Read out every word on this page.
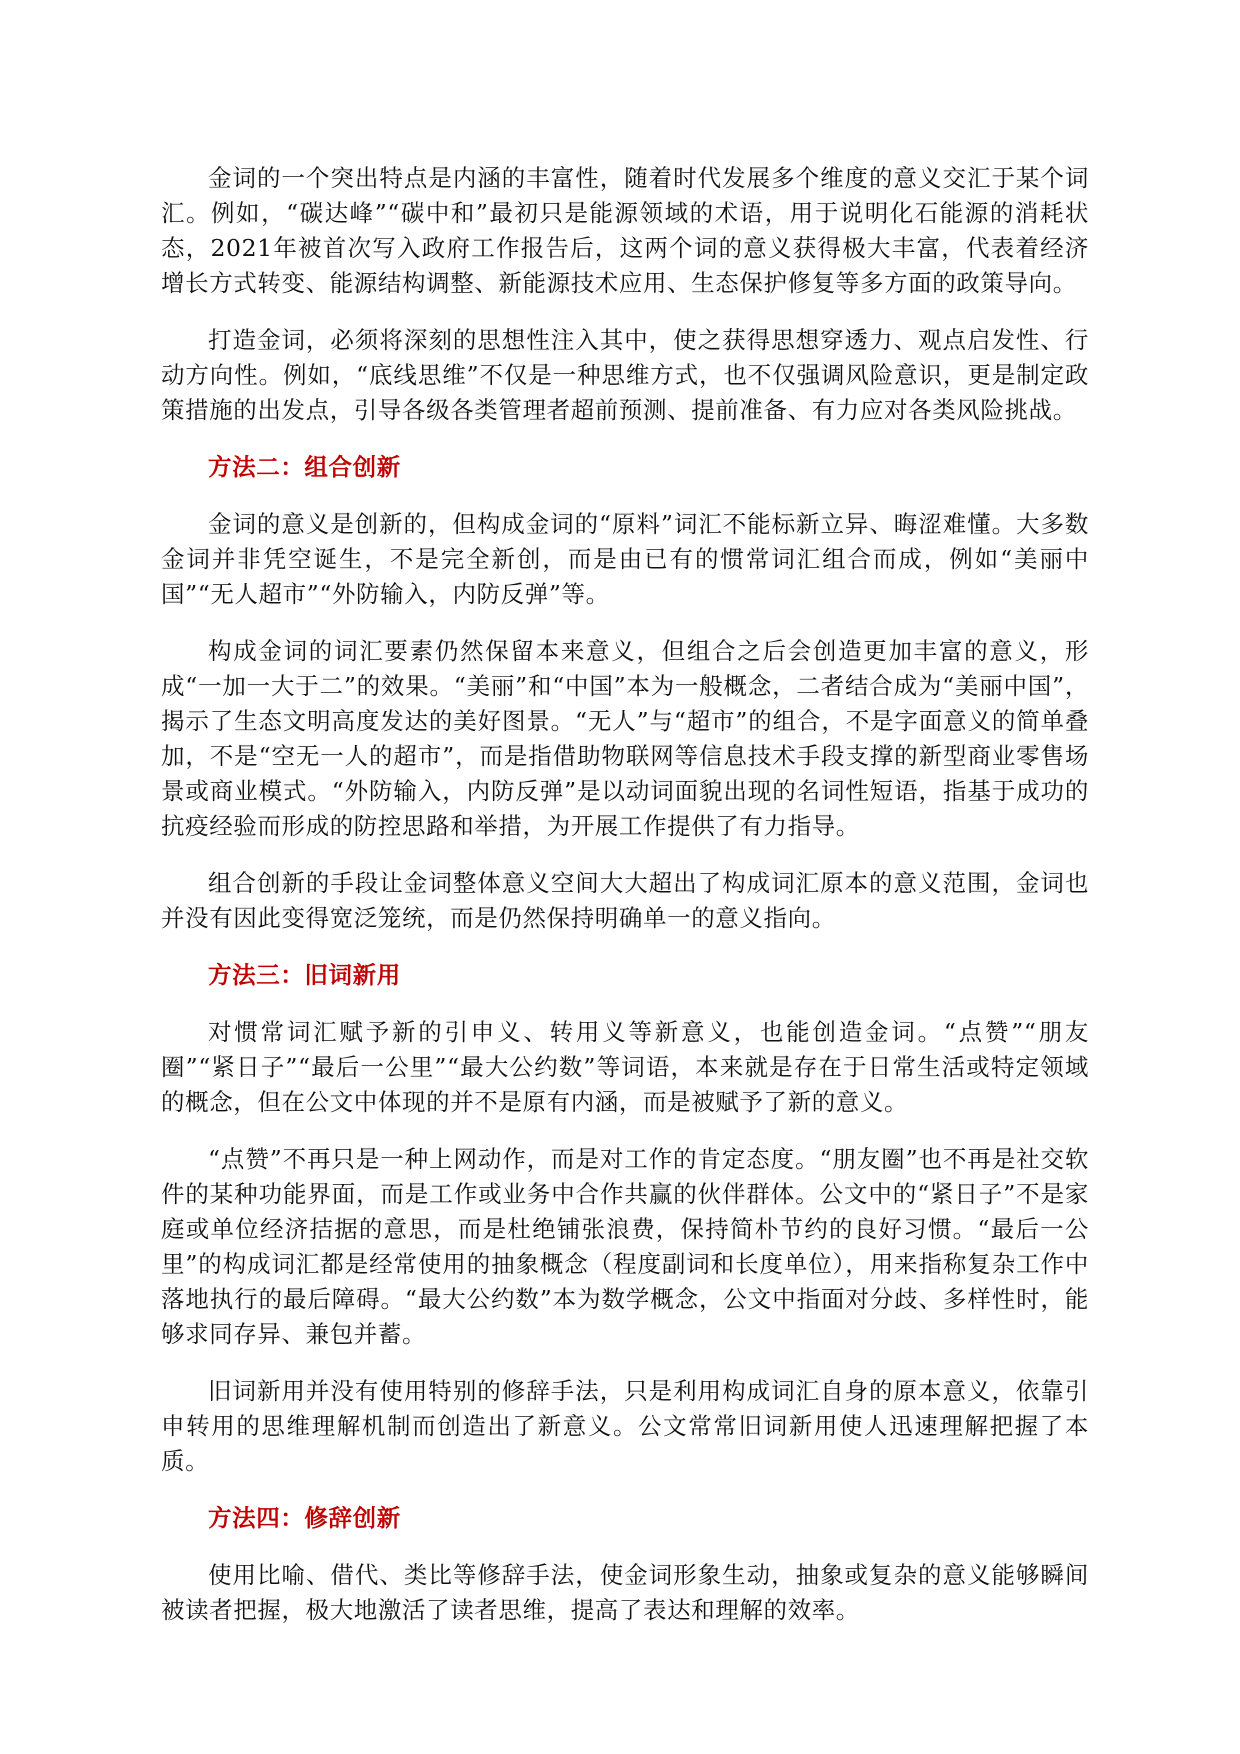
金词的一个突出特点是内涵的丰富性，随着时代发展多个维度的意义交汇于某个词汇。例如，“碳达峰”“碳中和”最初只是能源领域的术语，用于说明化石能源的消耗状态，2021年被首次写入政府工作报告后，这两个词的意义获得极大丰富，代表着经济增长方式转变、能源结构调整、新能源技术应用、生态保护修复等多方面的政策导向。

打造金词，必须将深刻的思想性注入其中，使之获得思想穿透力、观点启发性、行动方向性。例如，“底线思维”不仅是一种思维方式，也不仅强调风险意识，更是制定政策措施的出发点，引导各级各类管理者超前预测、提前准备、有力应对各类风险挑战。

方法二：组合创新

金词的意义是创新的，但构成金词的“原料”词汇不能标新立异、晦涩难懂。大多数金词并非凭空诞生，不是完全新创，而是由已有的惯常词汇组合而成，例如“美丽中国”“无人超市”“外防输入，内防反弹”等。

构成金词的词汇要素仍然保留本来意义，但组合之后会创造更加丰富的意义，形成“一加一大于二”的效果。“美丽”和“中国”本为一般概念，二者结合成为“美丽中国”，揭示了生态文明高度发达的美好图景。“无人”与“超市”的组合，不是字面意义的简单叠加，不是“空无一人的超市”，而是指借助物联网等信息技术手段支撑的新型商业零售场景或商业模式。“外防输入，内防反弹”是以动词面貌出现的名词性短语，指基于成功的抗疫经验而形成的防控思路和举措，为开展工作提供了有力指导。

组合创新的手段让金词整体意义空间大大超出了构成词汇原本的意义范围，金词也并没有因此变得宽泛笼统，而是仍然保持明确单一的意义指向。

方法三：旧词新用

对惯常词汇赋予新的引申义、转用义等新意义，也能创造金词。“点赞”“朋友圈”“紧日子”“最后一公里”“最大公约数”等词语，本来就是存在于日常生活或特定领域的概念，但在公文中体现的并不是原有内涵，而是被赋予了新的意义。

“点赞”不再只是一种上网动作，而是对工作的肯定态度。“朋友圈”也不再是社交软件的某种功能界面，而是工作或业务中合作共赢的伙伴群体。公文中的“紧日子”不是家庭或单位经济拮据的意思，而是杜绝铺张浪费，保持简朴节约的良好习惯。“最后一公里”的构成词汇都是经常使用的抽象概念（程度副词和长度单位），用来指称复杂工作中落地执行的最后障碍。“最大公约数”本为数学概念，公文中指面对分歧、多样性时，能够求同存异、兼包并蓄。

旧词新用并没有使用特别的修辞手法，只是利用构成词汇自身的原本意义，依靠引申转用的思维理解机制而创造出了新意义。公文常常旧词新用使人迅速理解把握了本质。

方法四：修辞创新

使用比喻、借代、类比等修辞手法，使金词形象生动，抽象或复杂的意义能够瞬间被读者把握，极大地激活了读者思维，提高了表达和理解的效率。
